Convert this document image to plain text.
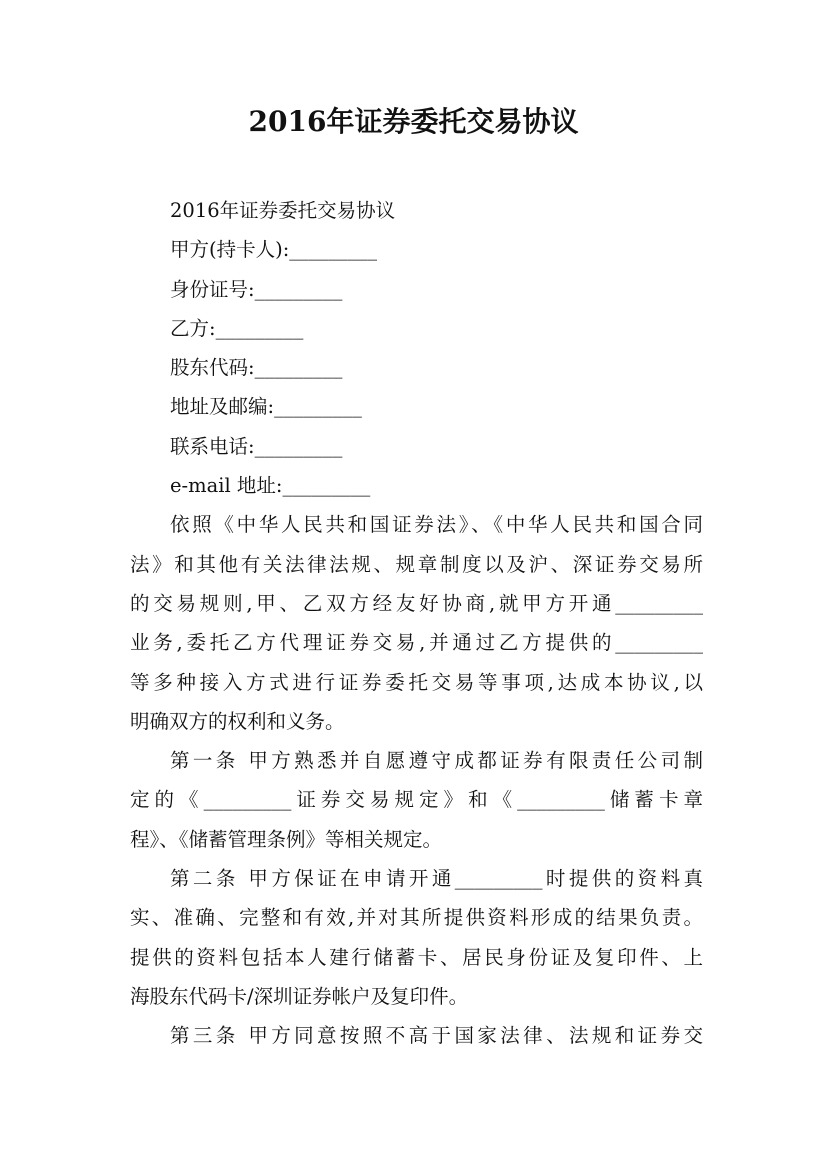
2016年证券委托交易协议
2016年证券委托交易协议
甲方(持卡人):_________
身份证号:_________
乙方:_________
股东代码:_________
地址及邮编:_________
联系电话:_________
e-mail 地址:_________
依照《中华人民共和国证券法》、《中华人民共和国合同
法》和其他有关法律法规、规章制度以及沪、深证券交易所
的交易规则,甲、乙双方经友好协商,就甲方开通_________
业务,委托乙方代理证券交易,并通过乙方提供的_________
等多种接入方式进行证券委托交易等事项,达成本协议,以
明确双方的权利和义务。
第一条 甲方熟悉并自愿遵守成都证券有限责任公司制
定的《_________证券交易规定》和《_________储蓄卡章
程》、《储蓄管理条例》等相关规定。
第二条 甲方保证在申请开通_________时提供的资料真
实、准确、完整和有效,并对其所提供资料形成的结果负责。
提供的资料包括本人建行储蓄卡、居民身份证及复印件、上
海股东代码卡/深圳证券帐户及复印件。
第三条 甲方同意按照不高于国家法律、法规和证券交
